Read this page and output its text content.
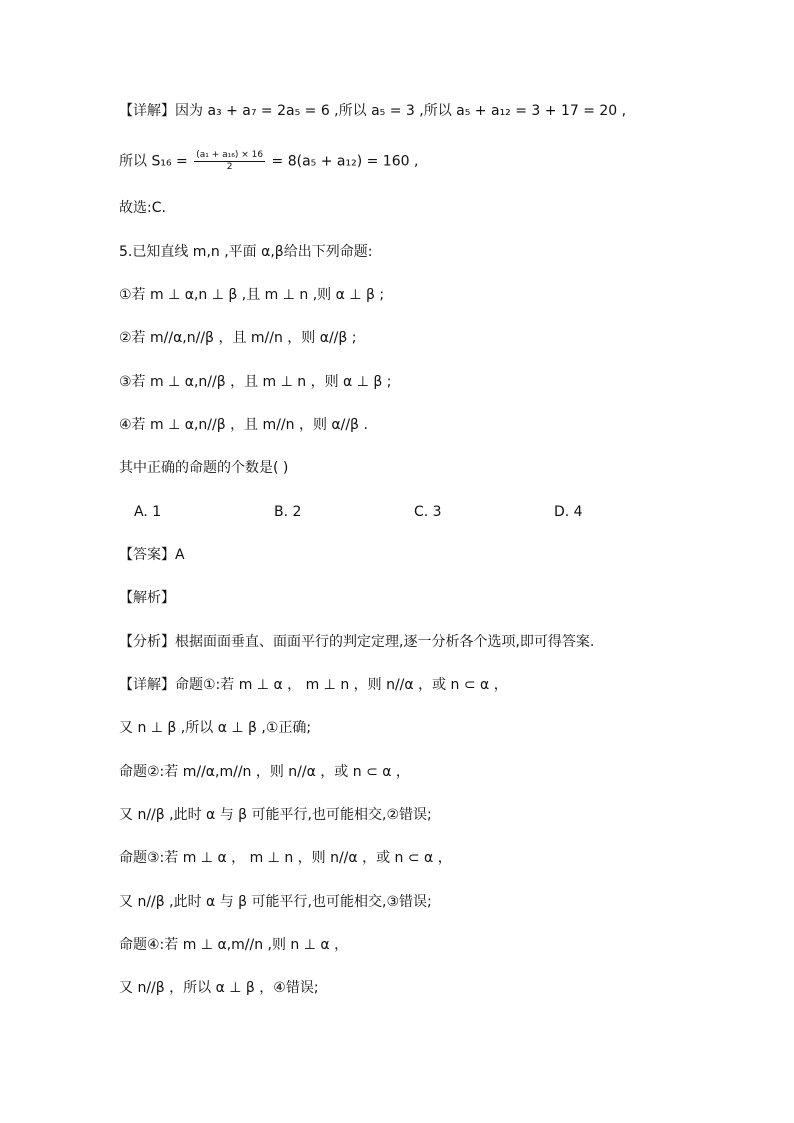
【详解】因为 a₃ + a₇ = 2a₅ = 6 ,所以 a₅ = 3 ,所以 a₅ + a₁₂ = 3 + 17 = 20 ,
所以 $S_{16} = \frac{\text{(a₁ + a₁₆) × 16}}{2} = 8(a_5 + a_{12}) = 160$ ,
故选:C.
5.已知直线 m,n ,平面 α,β给出下列命题:
①若 m ⊥ α,n ⊥ β ,且 m ⊥ n ,则 α ⊥ β ;
②若 m//α,n//β ，且 m//n ，则 α//β ;
③若 m ⊥ α,n//β ，且 m ⊥ n ，则 α ⊥ β ;
④若 m ⊥ α,n//β ，且 m//n ，则 α//β .
其中正确的命题的个数是( )
A. 1	B. 2	C. 3	D. 4
【答案】A
【解析】
【分析】根据面面垂直、面面平行的判定定理,逐一分析各个选项,即可得答案.
【详解】命题①:若 m ⊥ α ， m ⊥ n ，则 n//α ，或 n ⊂ α ，
又 n ⊥ β ,所以 α ⊥ β ,①正确;
命题②:若 m//α,m//n ，则 n//α ，或 n ⊂ α ，
又 n//β ,此时 α 与 β 可能平行,也可能相交,②错误;
命题③:若 m ⊥ α ， m ⊥ n ，则 n//α ，或 n ⊂ α ，
又 n//β ,此时 α 与 β 可能平行,也可能相交,③错误;
命题④:若 m ⊥ α,m//n ,则 n ⊥ α ，
又 n//β ，所以 α ⊥ β ，④错误;
